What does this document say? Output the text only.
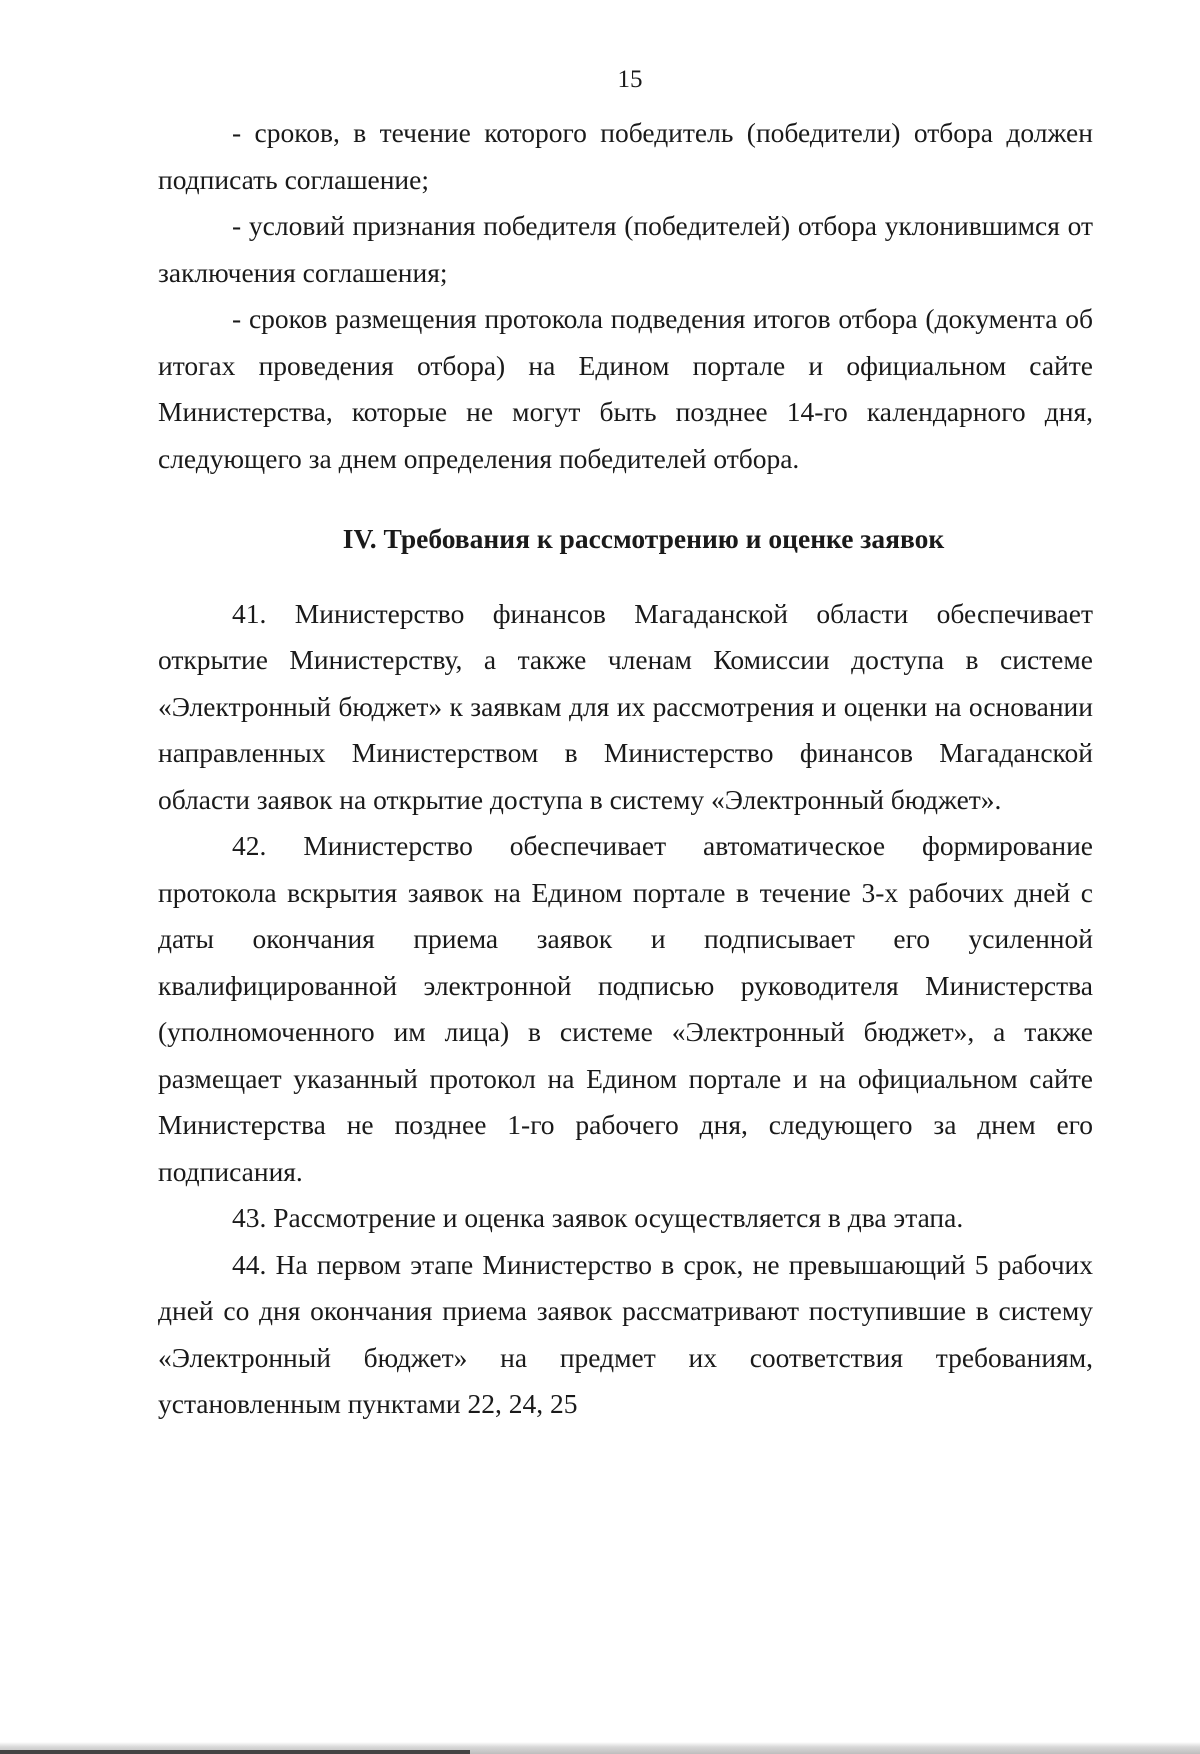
15

- сроков, в течение которого победитель (победители) отбора должен подписать соглашение;

- условий признания победителя (победителей) отбора уклонившимся от заключения соглашения;

- сроков размещения протокола подведения итогов отбора (документа об итогах проведения отбора) на Едином портале и официальном сайте Министерства, которые не могут быть позднее 14-го календарного дня, следующего за днем определения победителей отбора.

IV. Требования к рассмотрению и оценке заявок

41. Министерство финансов Магаданской области обеспечивает открытие Министерству, а также членам Комиссии доступа в системе «Электронный бюджет» к заявкам для их рассмотрения и оценки на основании направленных Министерством в Министерство финансов Магаданской области заявок на открытие доступа в систему «Электронный бюджет».

42. Министерство обеспечивает автоматическое формирование протокола вскрытия заявок на Едином портале в течение 3-х рабочих дней с даты окончания приема заявок и подписывает его усиленной квалифицированной электронной подписью руководителя Министерства (уполномоченного им лица) в системе «Электронный бюджет», а также размещает указанный протокол на Едином портале и на официальном сайте Министерства не позднее 1-го рабочего дня, следующего за днем его подписания.

43. Рассмотрение и оценка заявок осуществляется в два этапа.

44. На первом этапе Министерство в срок, не превышающий 5 рабочих дней со дня окончания приема заявок рассматривают поступившие в систему «Электронный бюджет» на предмет их соответствия требованиям, установленным пунктами 22, 24, 25
